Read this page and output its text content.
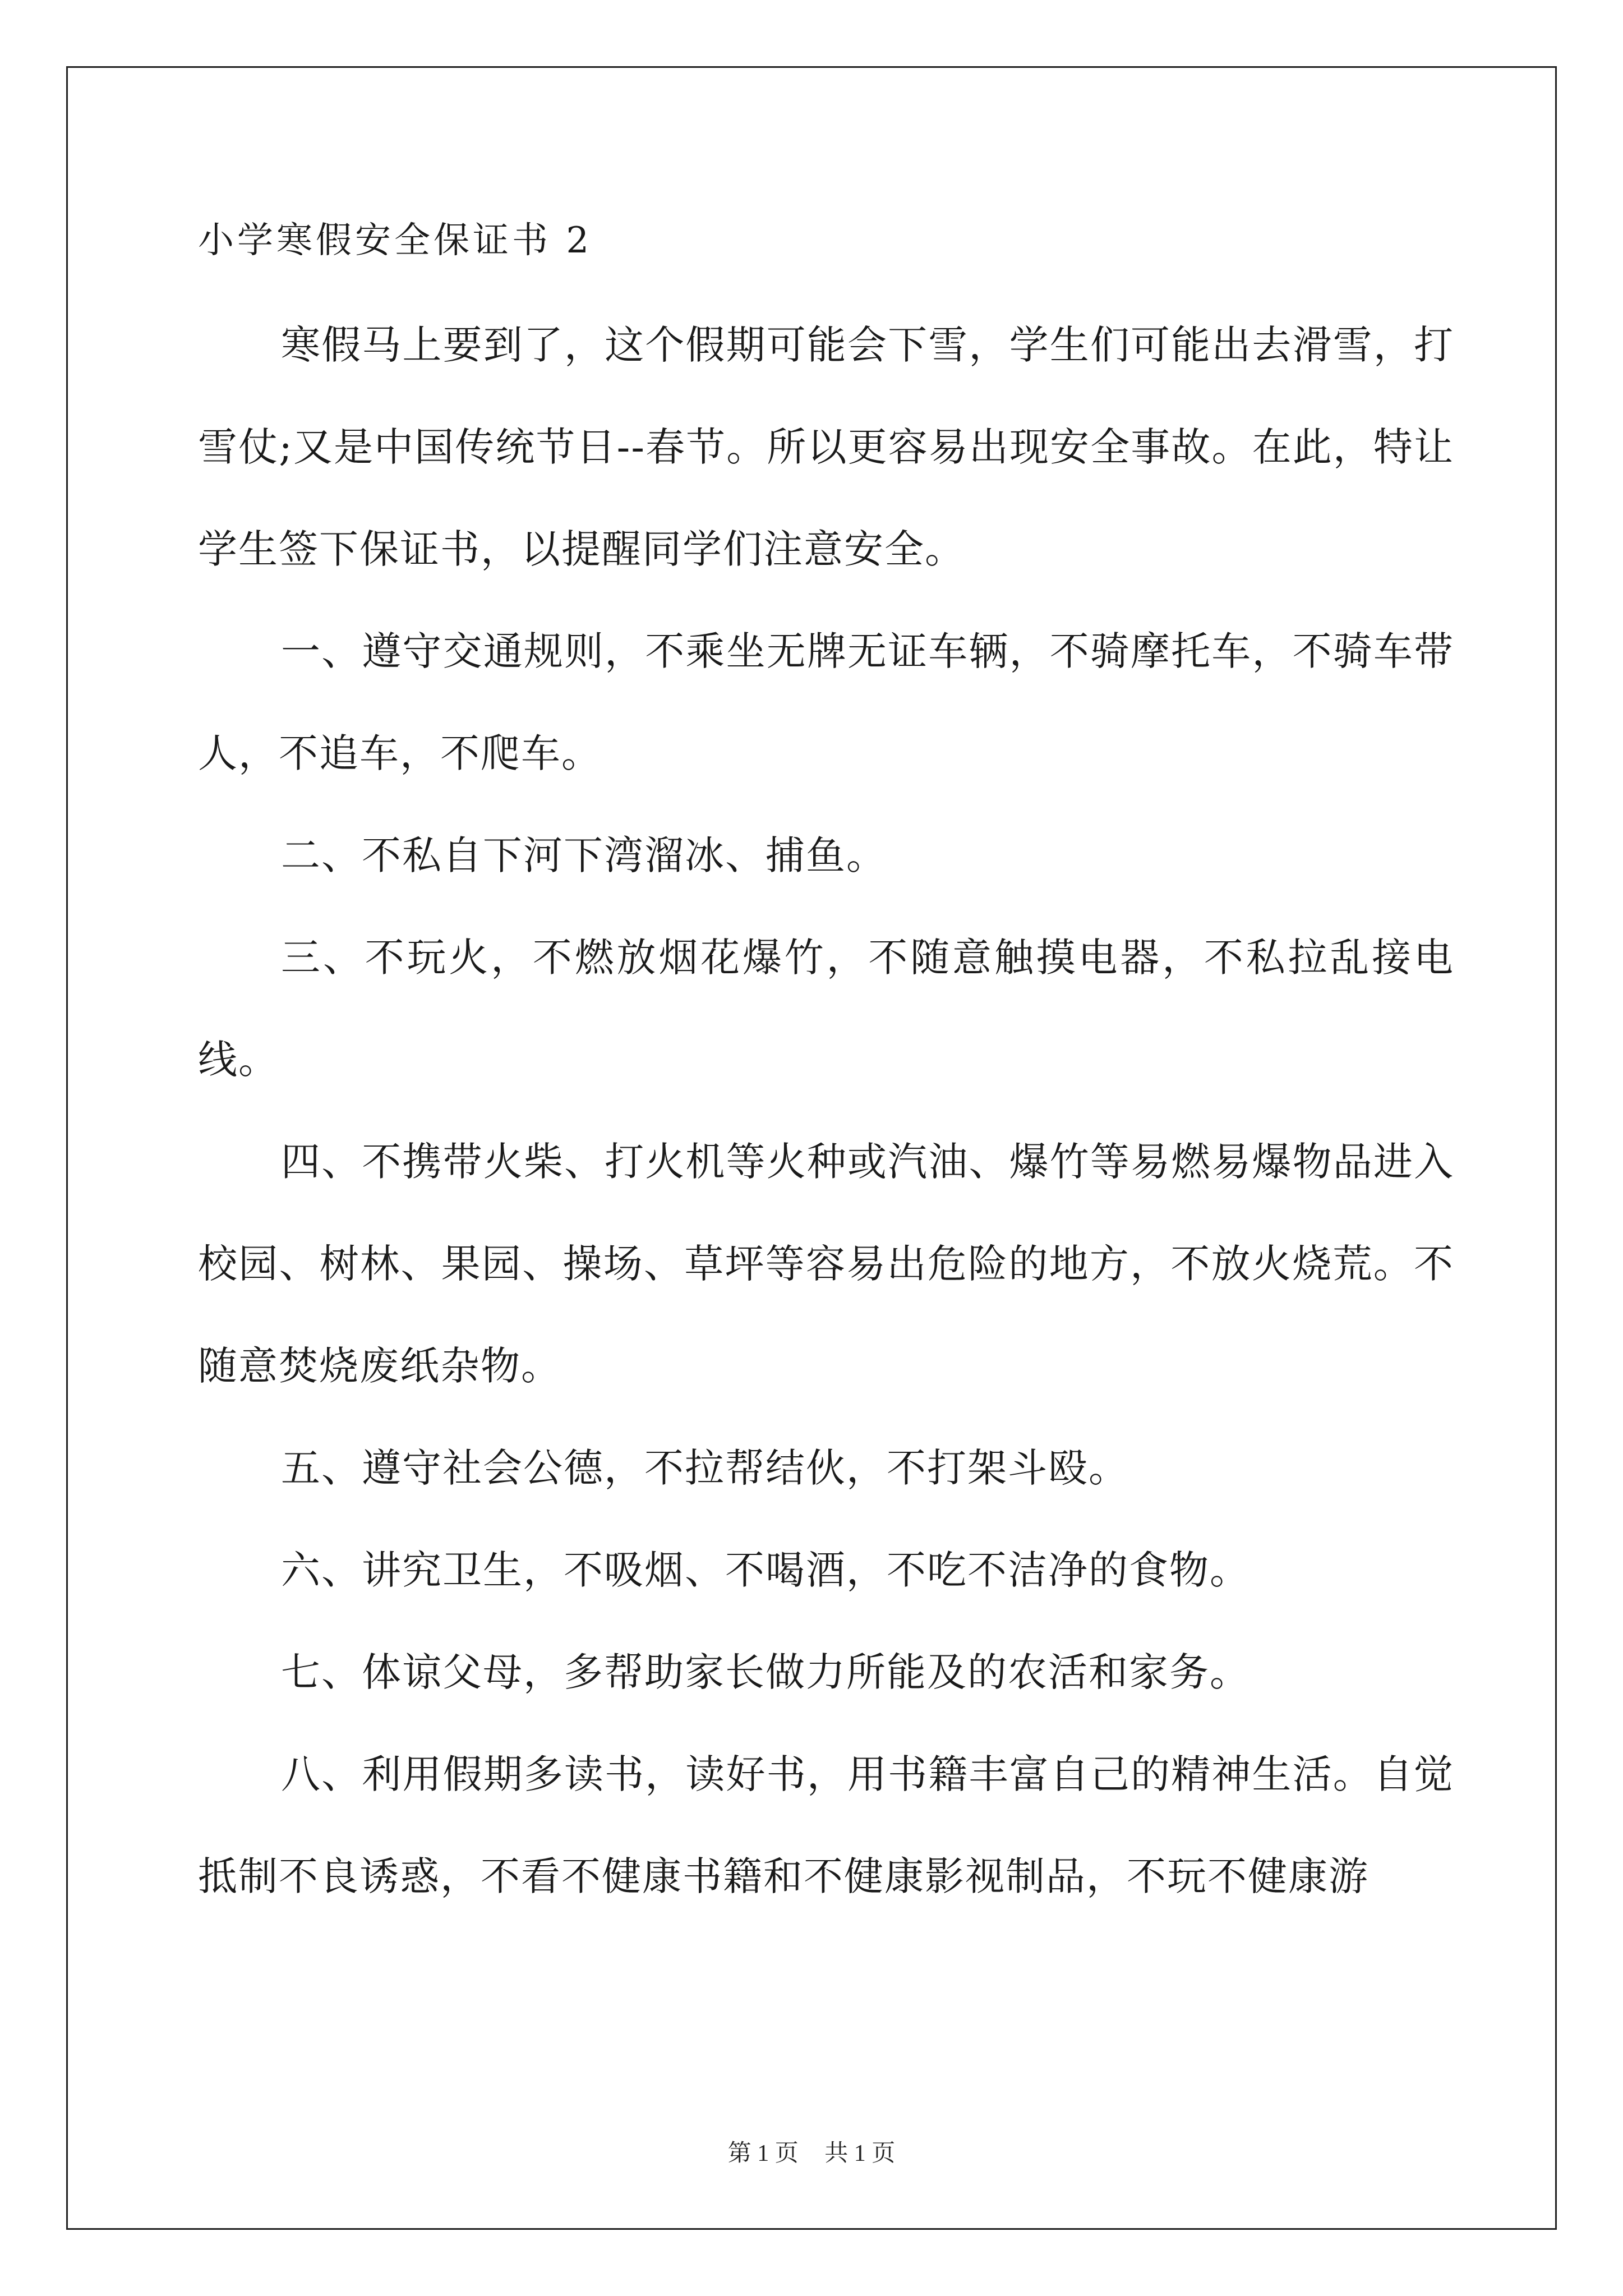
小学寒假安全保证书 2

寒假马上要到了，这个假期可能会下雪，学生们可能出去滑雪，打雪仗;又是中国传统节日--春节。所以更容易出现安全事故。在此，特让学生签下保证书，以提醒同学们注意安全。

一、遵守交通规则，不乘坐无牌无证车辆，不骑摩托车，不骑车带人，不追车，不爬车。

二、不私自下河下湾溜冰、捕鱼。

三、不玩火，不燃放烟花爆竹，不随意触摸电器，不私拉乱接电线。

四、不携带火柴、打火机等火种或汽油、爆竹等易燃易爆物品进入校园、树林、果园、操场、草坪等容易出危险的地方，不放火烧荒。不随意焚烧废纸杂物。

五、遵守社会公德，不拉帮结伙，不打架斗殴。

六、讲究卫生，不吸烟、不喝酒，不吃不洁净的食物。

七、体谅父母，多帮助家长做力所能及的农活和家务。

八、利用假期多读书，读好书，用书籍丰富自己的精神生活。自觉抵制不良诱惑，不看不健康书籍和不健康影视制品，不玩不健康游

第 1 页 共 1 页
